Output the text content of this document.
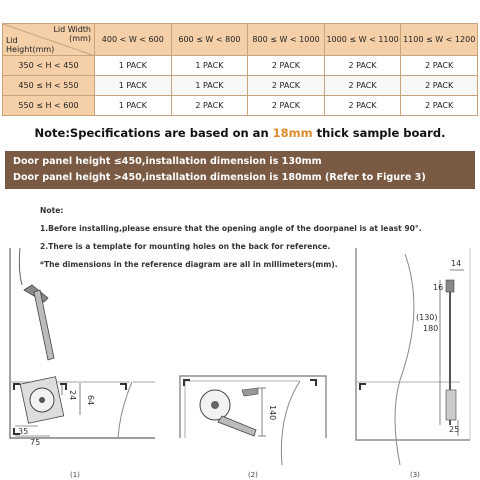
Lid Width
(mm)
Lid
Height(mm)	400 < W < 600	600 ≤ W < 800	800 ≤ W < 1000	1000 ≤ W < 1100	1100 ≤ W < 1200
350 < H < 450	1 PACK	1 PACK	2 PACK	2 PACK	2 PACK
450 ≤ H < 550	1 PACK	1 PACK	2 PACK	2 PACK	2 PACK
550 ≤ H < 600	1 PACK	2 PACK	2 PACK	2 PACK	2 PACK
Note:Specifications are based on an 18mm thick sample board.
Door panel height ≤450,installation dimension is 130mm
Door panel height >450,installation dimension is 180mm (Refer to Figure 3)
Note:
1.Before installing,please ensure that the opening angle of the doorpanel is at least 90°.
2.There is a template for mounting holes on the back for reference.
*The dimensions in the reference diagram are all in millimeters(mm).
24 64
35
75
(1)
140
(2)
14
16
(130)
180
25
(3)
